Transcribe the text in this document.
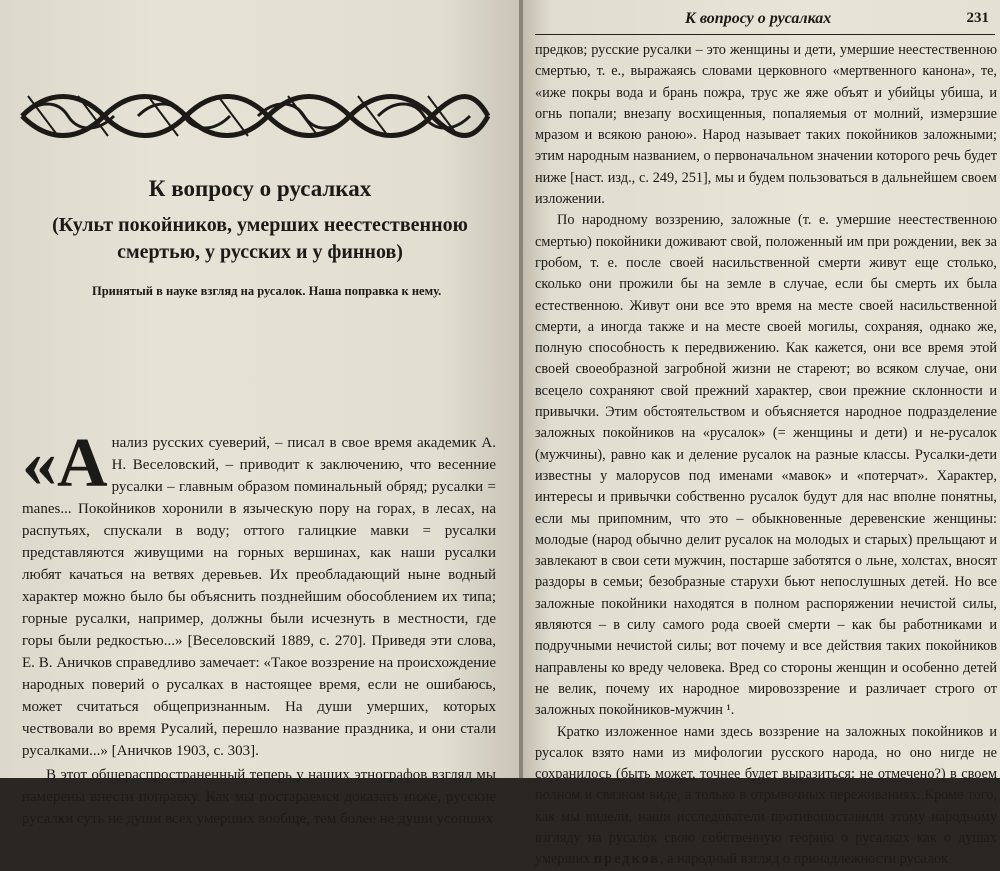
К вопросу о русалках

(Культ покойников, умерших неестественною смертью, у русских и у финнов)

Принятый в науке взгляд на русалок. Наша поправка к нему.

«А нализ русских суеверий, – писал в свое время академик А. Н. Веселовский, – приводит к заключению, что весенние русалки – главным образом поминальный обряд; русалки = manes... Покойников хоронили в языческую пору на горах, в лесах, на распутьях, спускали в воду; оттого галицкие мавки = русалки представляются живущими на горных вершинах, как наши русалки любят качаться на ветвях деревьев. Их преобладающий ныне водный характер можно было бы объяснить позднейшим обособлением их типа; горные русалки, например, должны были исчезнуть в местности, где горы были редкостью...» [Веселовский 1889, с. 270]. Приведя эти слова, Е. В. Аничков справедливо замечает: «Такое воззрение на происхождение народных поверий о русалках в настоящее время, если не ошибаюсь, может считаться общепризнанным. На души умерших, которых чествовали во время Русалий, перешло название праздника, и они стали русалками...» [Аничков 1903, с. 303].

В этот общераспространенный теперь у наших этнографов взгляд мы намерены внести поправку. Как мы постараемся доказать ниже, русские русалки суть не души всех умерших вообще, тем более не души усопших

К вопросу о русалках	231

предков; русские русалки – это женщины и дети, умершие неестественною смертью, т. е., выражаясь словами церковного «мертвенного канона», те, «иже покры вода и брань пожра, трус же яже объят и убийцы убиша, и огнь попали; внезапу восхищенныя, попаляемыя от молний, измерзшие мразом и всякою раною». Народ называет таких покойников заложными; этим народным названием, о первоначальном значении которого речь будет ниже [наст. изд., с. 249, 251], мы и будем пользоваться в дальнейшем своем изложении.

По народному воззрению, заложные (т. е. умершие неестественною смертью) покойники доживают свой, положенный им при рождении, век за гробом, т. е. после своей насильственной смерти живут еще столько, сколько они прожили бы на земле в случае, если бы смерть их была естественною. Живут они все это время на месте своей насильственной смерти, а иногда также и на месте своей могилы, сохраняя, однако же, полную способность к передвижению. Как кажется, они все время этой своей своеобразной загробной жизни не стареют; во всяком случае, они всецело сохраняют свой прежний характер, свои прежние склонности и привычки. Этим обстоятельством и объясняется народное подразделение заложных покойников на «русалок» (= женщины и дети) и не-русалок (мужчины), равно как и деление русалок на разные классы. Русалки-дети известны у малорусов под именами «мавок» и «потерчат». Характер, интересы и привычки собственно русалок будут для нас вполне понятны, если мы припомним, что это – обыкновенные деревенские женщины: молодые (народ обычно делит русалок на молодых и старых) прельщают и завлекают в свои сети мужчин, постарше заботятся о льне, холстах, вносят раздоры в семьи; безобразные старухи бьют непослушных детей. Но все заложные покойники находятся в полном распоряжении нечистой силы, являются – в силу самого рода своей смерти – как бы работниками и подручными нечистой силы; вот почему и все действия таких покойников направлены ко вреду человека. Вред со стороны женщин и особенно детей не велик, почему их народное мировоззрение и различает строго от заложных покойников-мужчин ¹.

Кратко изложенное нами здесь воззрение на заложных покойников и русалок взято нами из мифологии русского народа, но оно нигде не сохранилось (быть может, точнее будет выразиться: не отмечено?) в своем полном и связном виде, а только в отрывочных переживаниях. Кроме того, как мы видели, наши исследователи противопоставили этому народному взгляду на русалок свою собственную теорию о русалках как о душах умерших предков, а народный взгляд о принадлежности русалок
